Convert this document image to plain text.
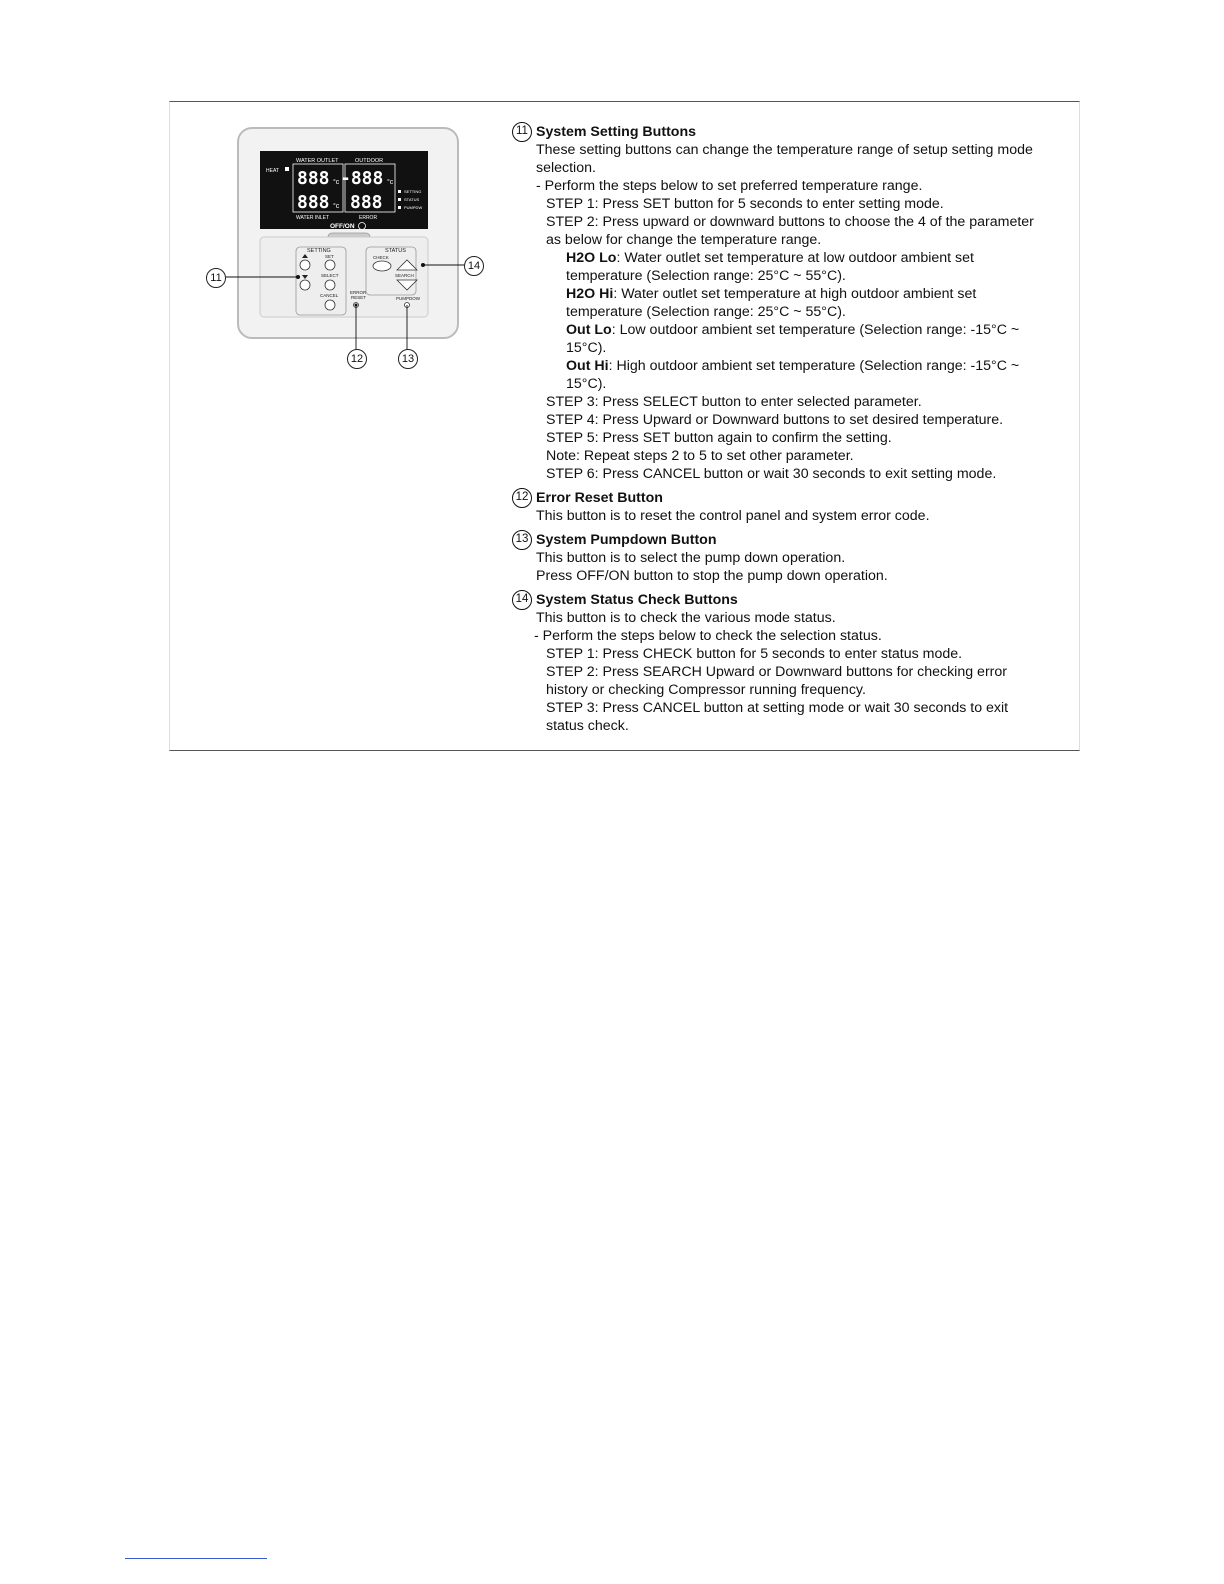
WATER OUTLET	OUTDOOR
HEAT 888 °c -888 °c
888 °c 888
SETTING
STATUS
PUMPDW
WATER INLET	ERROR
OFF/ON
SETTING	STATUS
SET
SELECT
CANCEL
CHECK
SEARCH
ERROR
RESET	PUMPDOW
11
12	13
14
11 System Setting Buttons
These setting buttons can change the temperature range of setup setting mode
selection.
- Perform the steps below to set preferred temperature range.
STEP 1: Press SET button for 5 seconds to enter setting mode.
STEP 2: Press upward or downward buttons to choose the 4 of the parameter
as below for change the temperature range.
H2O Lo: Water outlet set temperature at low outdoor ambient set
temperature (Selection range: 25°C ~ 55°C).
H2O Hi: Water outlet set temperature at high outdoor ambient set
temperature (Selection range: 25°C ~ 55°C).
Out Lo: Low outdoor ambient set temperature (Selection range: -15°C ~
15°C).
Out Hi: High outdoor ambient set temperature (Selection range: -15°C ~
15°C).
STEP 3: Press SELECT button to enter selected parameter.
STEP 4: Press Upward or Downward buttons to set desired temperature.
STEP 5: Press SET button again to confirm the setting.
Note: Repeat steps 2 to 5 to set other parameter.
STEP 6: Press CANCEL button or wait 30 seconds to exit setting mode.
12 Error Reset Button
This button is to reset the control panel and system error code.
13 System Pumpdown Button
This button is to select the pump down operation.
Press OFF/ON button to stop the pump down operation.
14 System Status Check Buttons
This button is to check the various mode status.
- Perform the steps below to check the selection status.
STEP 1: Press CHECK button for 5 seconds to enter status mode.
STEP 2: Press SEARCH Upward or Downward buttons for checking error
history or checking Compressor running frequency.
STEP 3: Press CANCEL button at setting mode or wait 30 seconds to exit
status check.
